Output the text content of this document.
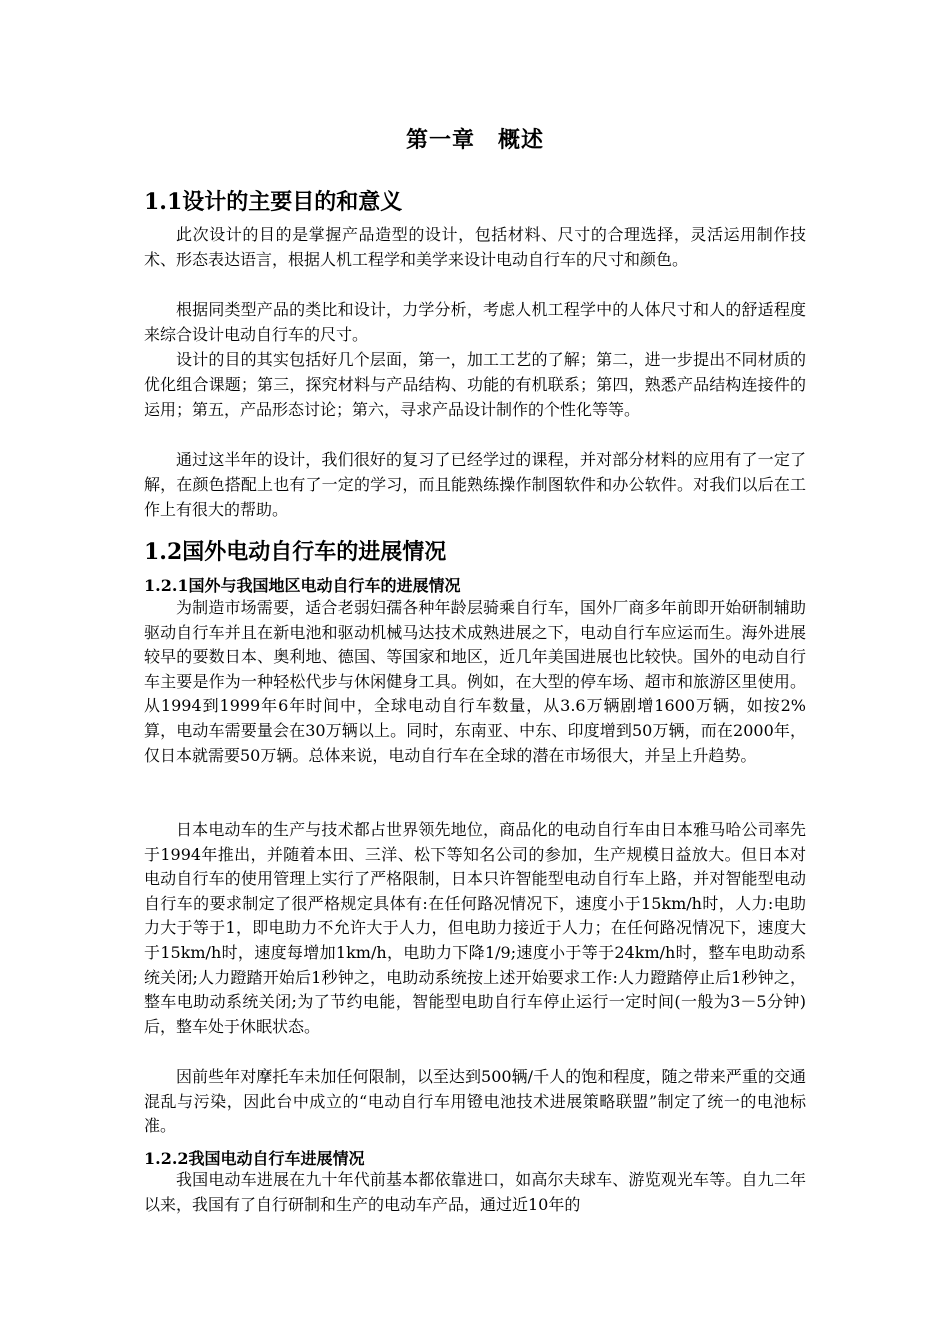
第一章　概述
1.1设计的主要目的和意义

此次设计的目的是掌握产品造型的设计，包括材料、尺寸的合理选择，灵活运用制作技术、形态表达语言，根据人机工程学和美学来设计电动自行车的尺寸和颜色。

根据同类型产品的类比和设计，力学分析，考虑人机工程学中的人体尺寸和人的舒适程度来综合设计电动自行车的尺寸。

设计的目的其实包括好几个层面，第一，加工工艺的了解；第二，进一步提出不同材质的优化组合课题；第三，探究材料与产品结构、功能的有机联系；第四，熟悉产品结构连接件的运用；第五，产品形态讨论；第六，寻求产品设计制作的个性化等等。

通过这半年的设计，我们很好的复习了已经学过的课程，并对部分材料的应用有了一定了解，在颜色搭配上也有了一定的学习，而且能熟练操作制图软件和办公软件。对我们以后在工作上有很大的帮助。

1.2国外电动自行车的进展情况
1.2.1国外与我国地区电动自行车的进展情况

为制造市场需要，适合老弱妇孺各种年龄层骑乘自行车，国外厂商多年前即开始研制辅助驱动自行车并且在新电池和驱动机械马达技术成熟进展之下，电动自行车应运而生。海外进展较早的要数日本、奥利地、德国、等国家和地区，近几年美国进展也比较快。国外的电动自行车主要是作为一种轻松代步与休闲健身工具。例如，在大型的停车场、超市和旅游区里使用。从1994到1999年6年时间中，全球电动自行车数量，从3.6万辆剧增1600万辆，如按2%算，电动车需要量会在30万辆以上。同时，东南亚、中东、印度增到50万辆，而在2000年，仅日本就需要50万辆。总体来说，电动自行车在全球的潜在市场很大，并呈上升趋势。

日本电动车的生产与技术都占世界领先地位，商品化的电动自行车由日本雅马哈公司率先于1994年推出，并随着本田、三洋、松下等知名公司的参加，生产规模日益放大。但日本对电动自行车的使用管理上实行了严格限制，日本只许智能型电动自行车上路，并对智能型电动自行车的要求制定了很严格规定具体有:在任何路况情况下，速度小于15km/h时，人力:电助力大于等于1，即电助力不允许大于人力，但电助力接近于人力；在任何路况情况下，速度大于15km/h时，速度每增加1km/h，电助力下降1/9;速度小于等于24km/h时，整车电助动系统关闭;人力蹬踏开始后1秒钟之，电助动系统按上述开始要求工作:人力蹬踏停止后1秒钟之，整车电助动系统关闭;为了节约电能，智能型电助自行车停止运行一定时间(一般为3－5分钟)后，整车处于休眠状态。

因前些年对摩托车未加任何限制，以至达到500辆/千人的饱和程度，随之带来严重的交通混乱与污染，因此台中成立的“电动自行车用镫电池技术进展策略联盟”制定了统一的电池标准。

1.2.2我国电动自行车进展情况

我国电动车进展在九十年代前基本都依靠进口，如高尔夫球车、游览观光车等。自九二年以来，我国有了自行研制和生产的电动车产品，通过近10年的
